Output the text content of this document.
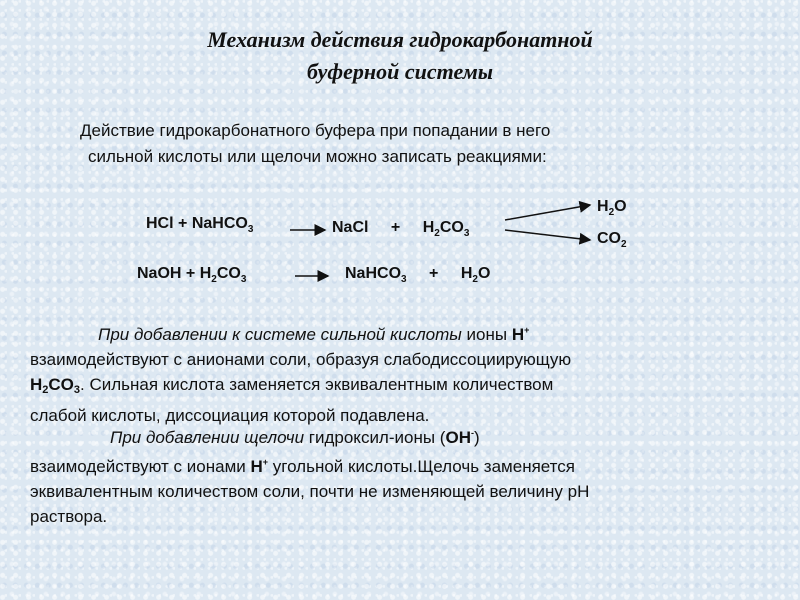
Механизм действия гидрокарбонатной
буферной системы
Действие гидрокарбонатного буфера при попадании в него
сильной кислоты или щелочи можно записать реакциями:
HCl + NaHCO$_3$	NaCl + $H_2CO_3$
$H_2O$
$CO_2$
NaOH + $H_2CO_3$	NaHCO$_3$ + $H_2O$
При добавлении к системе сильной кислоты ионы H+
взаимодействуют с анионами соли, образуя слабодиссоциирующую
$H_2CO_3$. Сильная кислота заменяется эквивалентным количеством
слабой кислоты, диссоциация которой подавлена.
При добавлении щелочи гидроксил-ионы (OH-)
взаимодействуют с ионами H+ угольной кислоты.Щелочь заменяется
эквивалентным количеством соли, почти не изменяющей величину рН
раствора.
